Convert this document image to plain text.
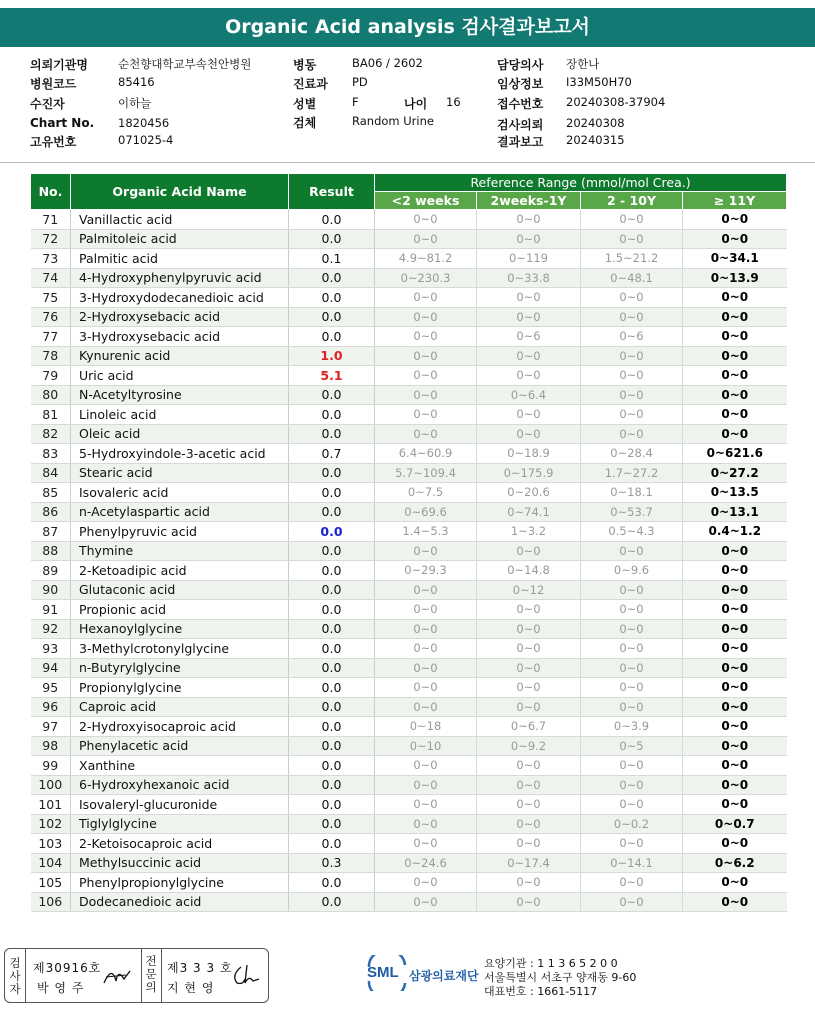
Organic Acid analysis 검사결과보고서
의뢰기관명	순천향대학교부속천안병원
병원코드	85416
수진자	이하늘
Chart No. 1820456
고유번호	071025-4
병동	BA06 / 2602
진료과 PD
성별	F	나이 16
검체	Random Urine
담당의사 장한나
임상정보 I33M50H70
접수번호 20240308-37904
검사의뢰 20240308
결과보고 20240315
No.	Organic Acid Name	Result	Reference Range (mmol/mol Crea.)			
			<2 weeks	2weeks-1Y	2 - 10Y	≥ 11Y
71	Vanillactic acid	0.0	0~0	0~0	0~0	0~0
72	Palmitoleic acid	0.0	0~0	0~0	0~0	0~0
73	Palmitic acid	0.1	4.9~81.2	0~119	1.5~21.2	0~34.1
74	4-Hydroxyphenylpyruvic acid	0.0	0~230.3	0~33.8	0~48.1	0~13.9
75	3-Hydroxydodecanedioic acid	0.0	0~0	0~0	0~0	0~0
76	2-Hydroxysebacic acid	0.0	0~0	0~0	0~0	0~0
77	3-Hydroxysebacic acid	0.0	0~0	0~6	0~6	0~0
78	Kynurenic acid	1.0	0~0	0~0	0~0	0~0
79	Uric acid	5.1	0~0	0~0	0~0	0~0
80	N-Acetyltyrosine	0.0	0~0	0~6.4	0~0	0~0
81	Linoleic acid	0.0	0~0	0~0	0~0	0~0
82	Oleic acid	0.0	0~0	0~0	0~0	0~0
83	5-Hydroxyindole-3-acetic acid	0.7	6.4~60.9	0~18.9	0~28.4	0~621.6
84	Stearic acid	0.0	5.7~109.4	0~175.9	1.7~27.2	0~27.2
85	Isovaleric acid	0.0	0~7.5	0~20.6	0~18.1	0~13.5
86	n-Acetylaspartic acid	0.0	0~69.6	0~74.1	0~53.7	0~13.1
87	Phenylpyruvic acid	0.0	1.4~5.3	1~3.2	0.5~4.3	0.4~1.2
88	Thymine	0.0	0~0	0~0	0~0	0~0
89	2-Ketoadipic acid	0.0	0~29.3	0~14.8	0~9.6	0~0
90	Glutaconic acid	0.0	0~0	0~12	0~0	0~0
91	Propionic acid	0.0	0~0	0~0	0~0	0~0
92	Hexanoylglycine	0.0	0~0	0~0	0~0	0~0
93	3-Methylcrotonylglycine	0.0	0~0	0~0	0~0	0~0
94	n-Butyrylglycine	0.0	0~0	0~0	0~0	0~0
95	Propionylglycine	0.0	0~0	0~0	0~0	0~0
96	Caproic acid	0.0	0~0	0~0	0~0	0~0
97	2-Hydroxyisocaproic acid	0.0	0~18	0~6.7	0~3.9	0~0
98	Phenylacetic acid	0.0	0~10	0~9.2	0~5	0~0
99	Xanthine	0.0	0~0	0~0	0~0	0~0
100	6-Hydroxyhexanoic acid	0.0	0~0	0~0	0~0	0~0
101	Isovaleryl-glucuronide	0.0	0~0	0~0	0~0	0~0
102	Tiglylglycine	0.0	0~0	0~0	0~0.2	0~0.7
103	2-Ketoisocaproic acid	0.0	0~0	0~0	0~0	0~0
104	Methylsuccinic acid	0.3	0~24.6	0~17.4	0~14.1	0~6.2
105	Phenylpropionylglycine	0.0	0~0	0~0	0~0	0~0
106	Dodecanedioic acid	0.0	0~0	0~0	0~0	0~0
검사자
제30916호
박 영 주
전문의
제3 3 3 호
지 현 영
SML 삼광의료재단
요양기관 : 1 1 3 6 5 2 0 0
서울특별시 서초구 양재동 9-60
대표번호 : 1661-5117
